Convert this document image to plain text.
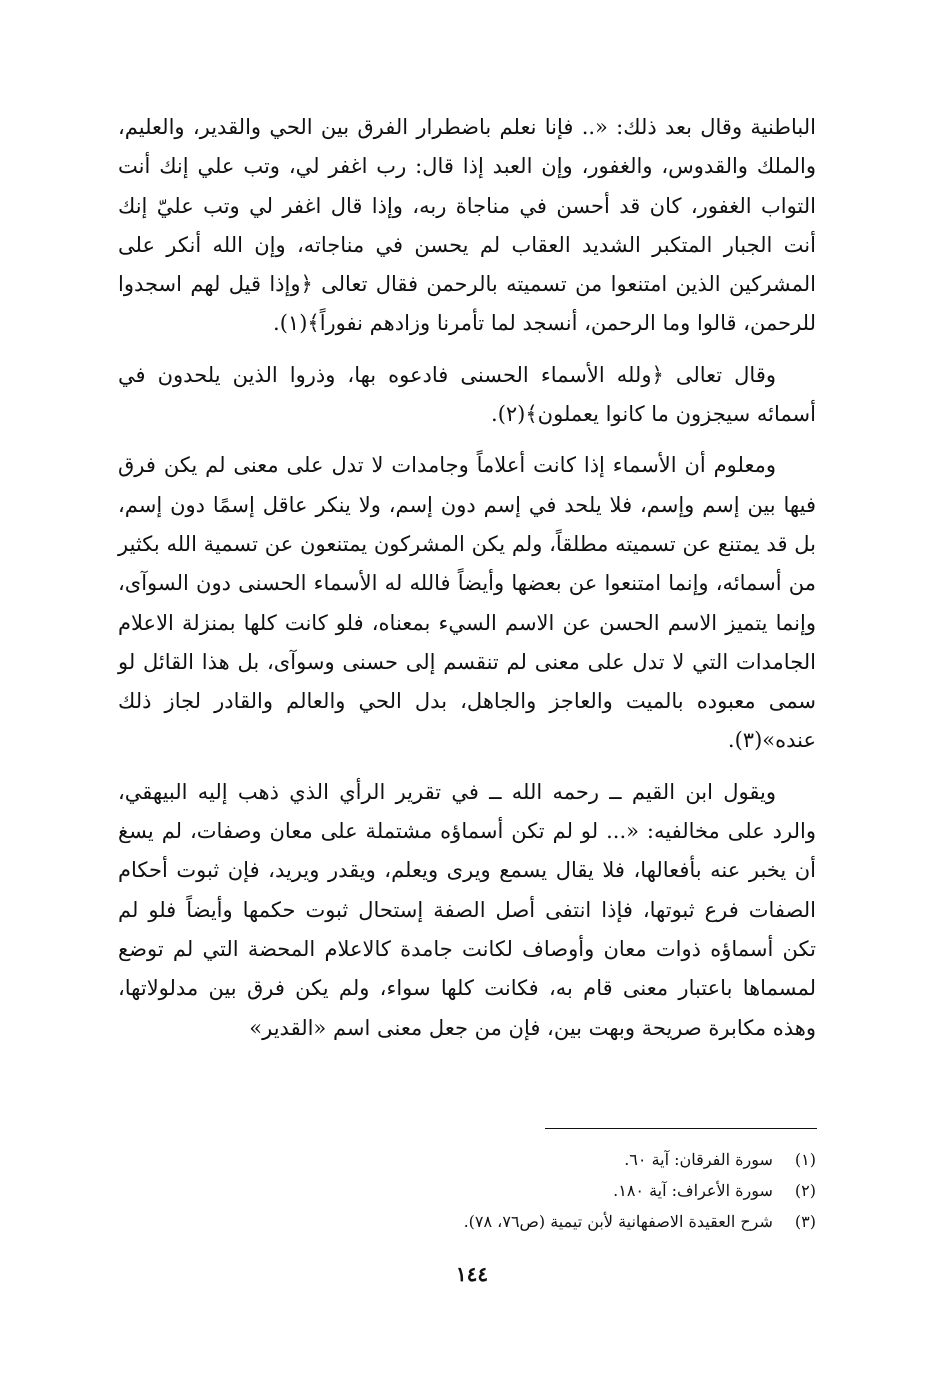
الباطنية وقال بعد ذلك: «.. فإنا نعلم باضطرار الفرق بين الحي والقدير، والعليم، والملك والقدوس، والغفور، وإن العبد إذا قال: رب اغفر لي، وتب علي إنك أنت التواب الغفور، كان قد أحسن في مناجاة ربه، وإذا قال اغفر لي وتب عليّ إنك أنت الجبار المتكبر الشديد العقاب لم يحسن في مناجاته، وإن الله أنكر على المشركين الذين امتنعوا من تسميته بالرحمن فقال تعالى ﴿وإذا قيل لهم اسجدوا للرحمن، قالوا وما الرحمن، أنسجد لما تأمرنا وزادهم نفوراً﴾(١).

وقال تعالى ﴿ولله الأسماء الحسنى فادعوه بها، وذروا الذين يلحدون في أسمائه سيجزون ما كانوا يعملون﴾(٢).

ومعلوم أن الأسماء إذا كانت أعلاماً وجامدات لا تدل على معنى لم يكن فرق فيها بين إسم وإسم، فلا يلحد في إسم دون إسم، ولا ينكر عاقل إسمًا دون إسم، بل قد يمتنع عن تسميته مطلقاً، ولم يكن المشركون يمتنعون عن تسمية الله بكثير من أسمائه، وإنما امتنعوا عن بعضها وأيضاً فالله له الأسماء الحسنى دون السوآى، وإنما يتميز الاسم الحسن عن الاسم السيء بمعناه، فلو كانت كلها بمنزلة الاعلام الجامدات التي لا تدل على معنى لم تنقسم إلى حسنى وسوآى، بل هذا القائل لو سمى معبوده بالميت والعاجز والجاهل، بدل الحي والعالم والقادر لجاز ذلك عنده»(٣).

ويقول ابن القيم ــ رحمه الله ــ في تقرير الرأي الذي ذهب إليه البيهقي، والرد على مخالفيه: «... لو لم تكن أسماؤه مشتملة على معان وصفات، لم يسغ أن يخبر عنه بأفعالها، فلا يقال يسمع ويرى ويعلم، ويقدر ويريد، فإن ثبوت أحكام الصفات فرع ثبوتها، فإذا انتفى أصل الصفة إستحال ثبوت حكمها وأيضاً فلو لم تكن أسماؤه ذوات معان وأوصاف لكانت جامدة كالاعلام المحضة التي لم توضع لمسماها باعتبار معنى قام به، فكانت كلها سواء، ولم يكن فرق بين مدلولاتها، وهذه مكابرة صريحة وبهت بين، فإن من جعل معنى اسم «القدير»

(١) سورة الفرقان: آية ٦٠.
(٢) سورة الأعراف: آية ١٨٠.
(٣) شرح العقيدة الاصفهانية لأبن تيمية (ص٧٦، ٧٨).
١٤٤
